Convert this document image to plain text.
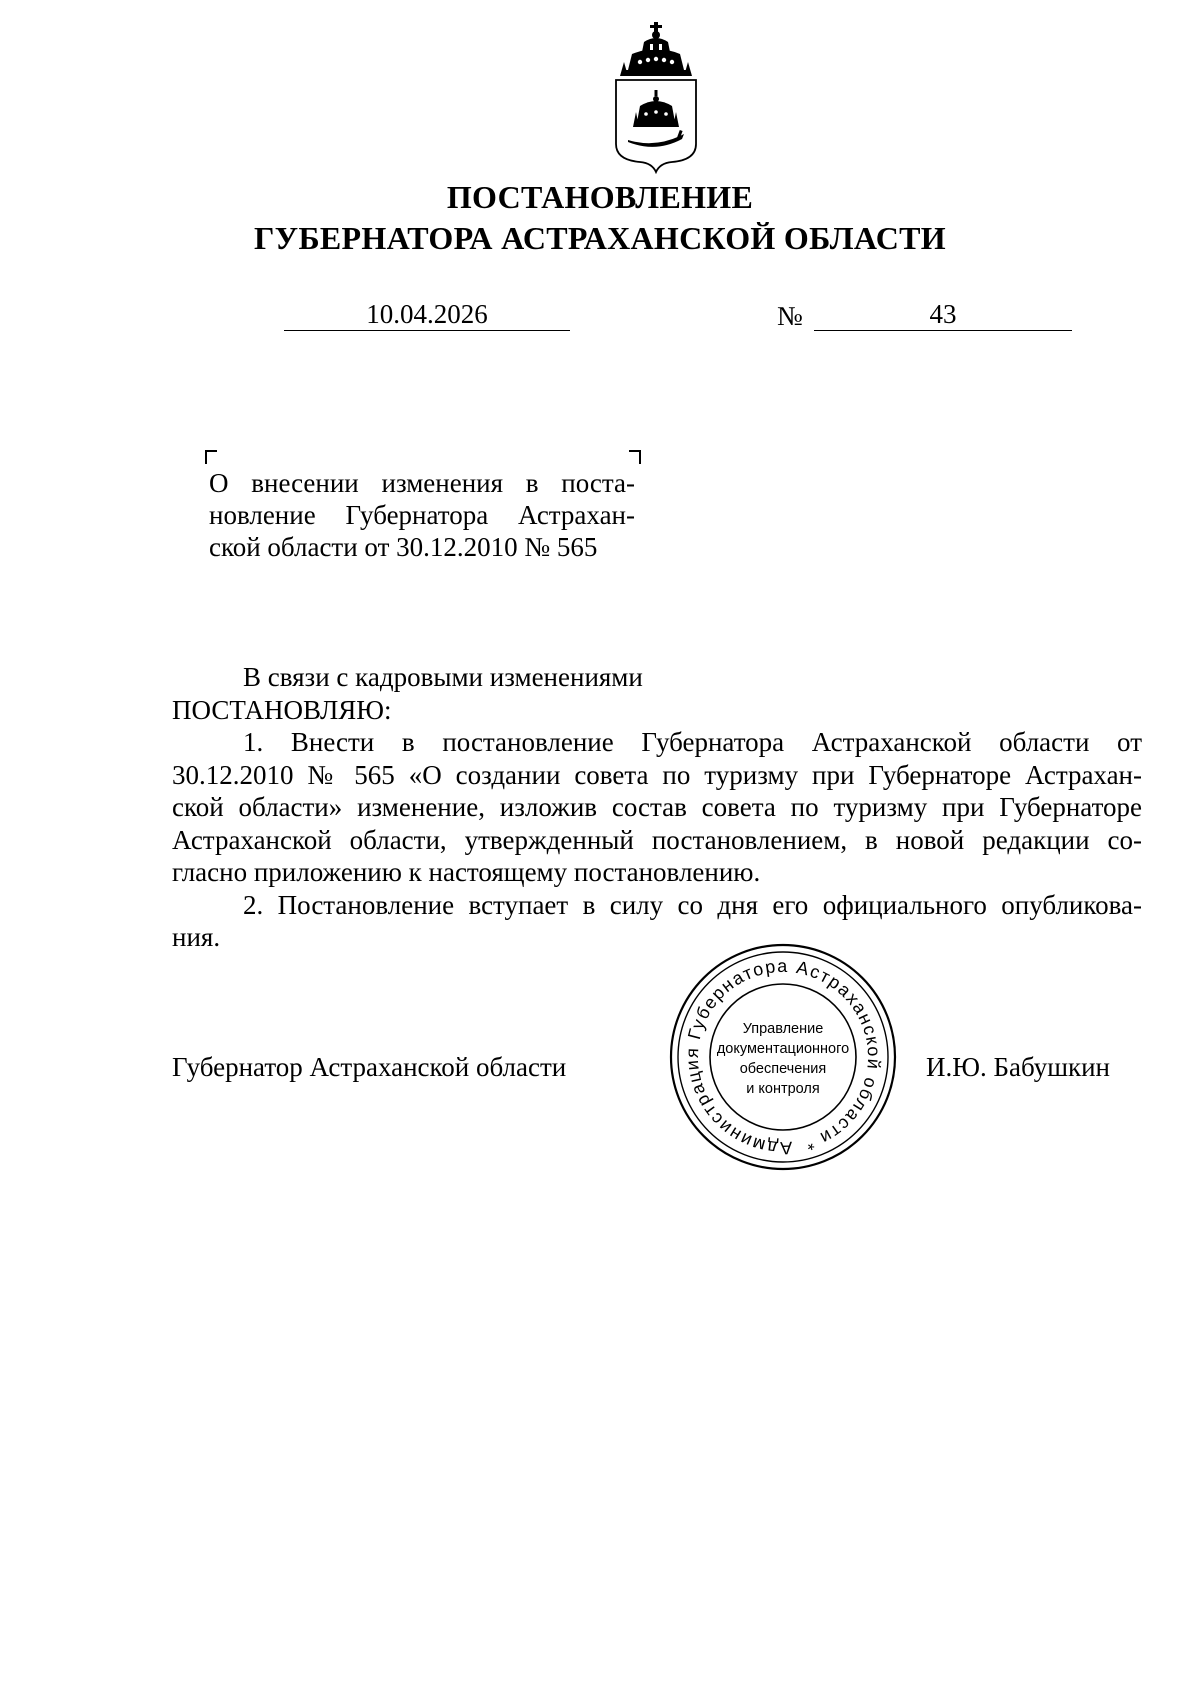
ПОСТАНОВЛЕНИЕ
ГУБЕРНАТОРА АСТРАХАНСКОЙ ОБЛАСТИ
10.04.2026	№	43
О внесении изменения в поста-
новление Губернатора Астрахан-
ской области от 30.12.2010 № 565
В связи с кадровыми изменениями
ПОСТАНОВЛЯЮ:
1. Внести в постановление Губернатора Астраханской области от
30.12.2010 № 565 «О создании совета по туризму при Губернаторе Астрахан-
ской области» изменение, изложив состав совета по туризму при Губернаторе
Астраханской области, утвержденный постановлением, в новой редакции со-
гласно приложению к настоящему постановлению.
2. Постановление вступает в силу со дня его официального опубликова-
ния.
Губернатор Астраханской области	И.Ю. Бабушкин
Администрация Губернатора Астраханской области *
Управление
документационного
обеспечения
и контроля
